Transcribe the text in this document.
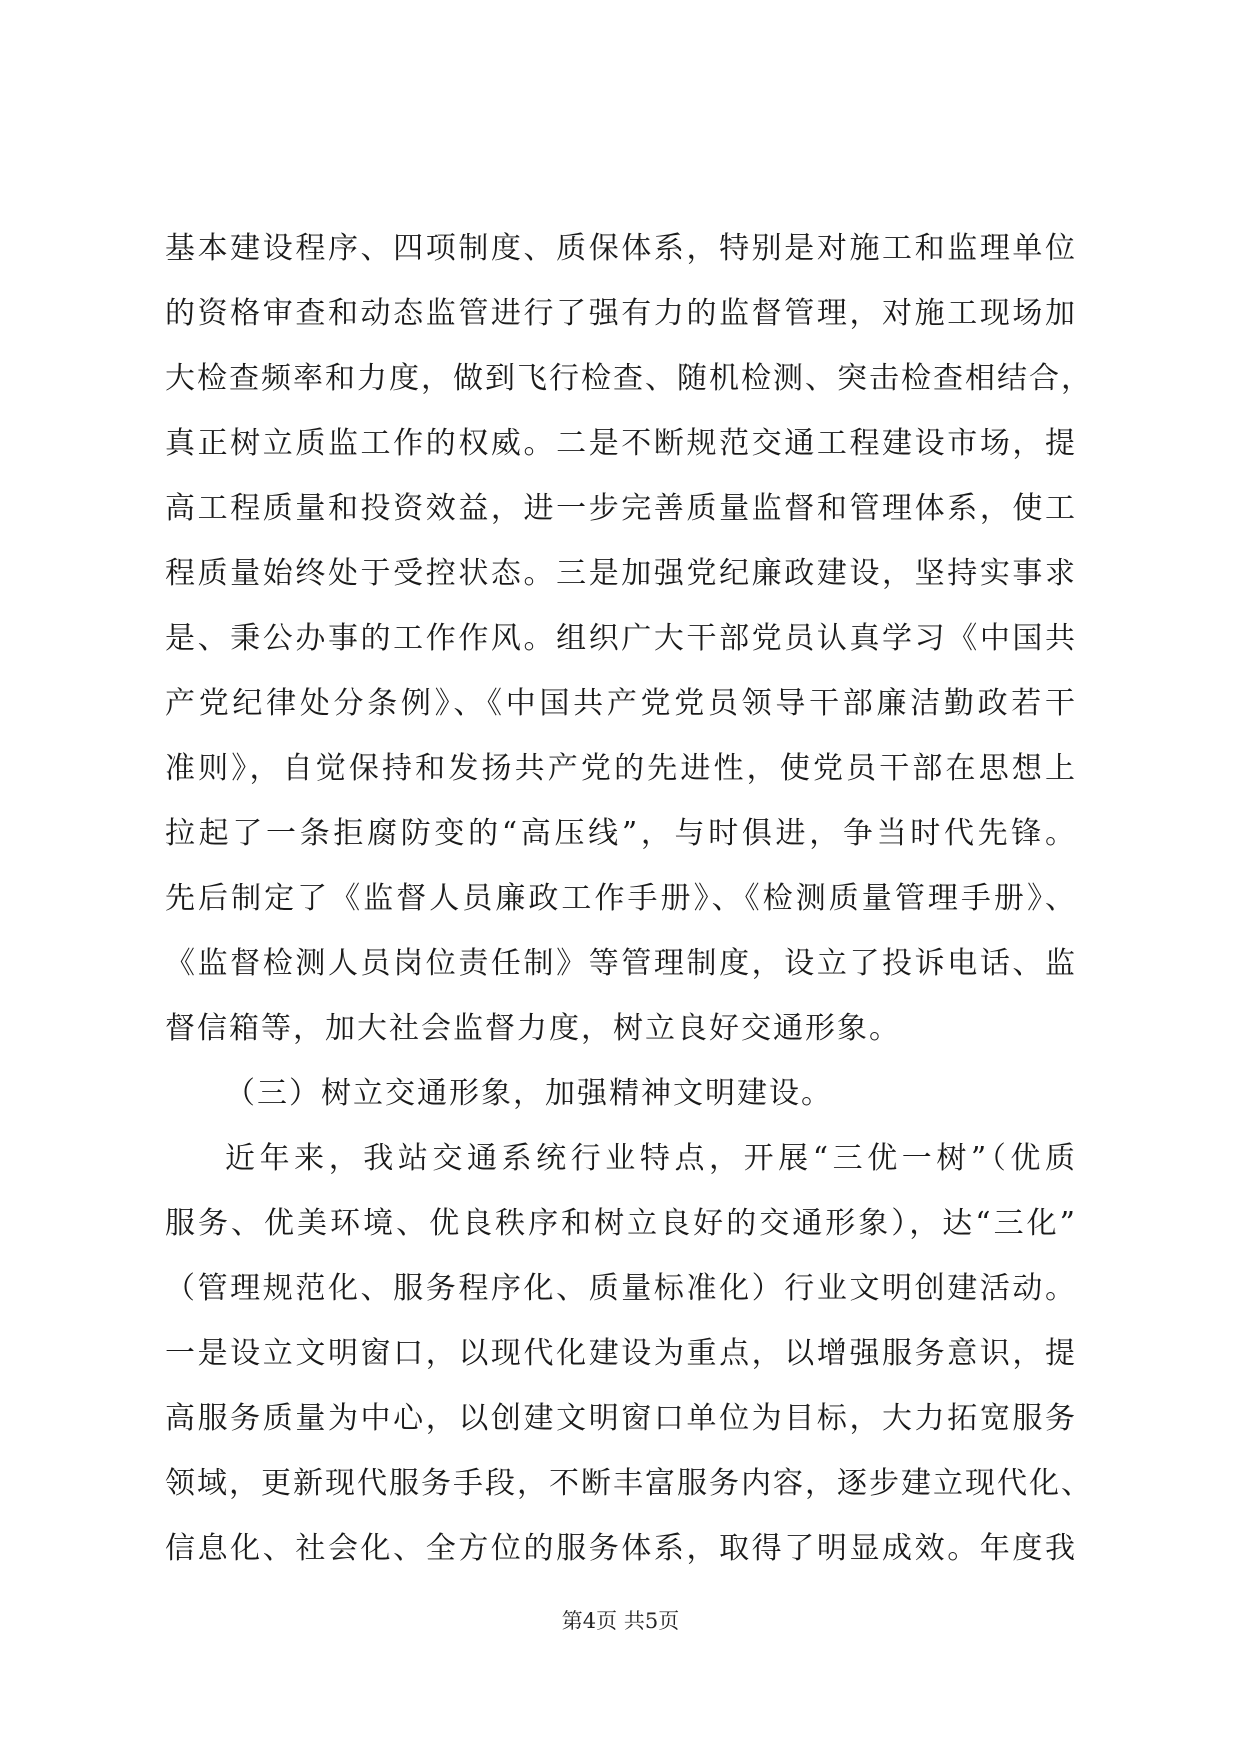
基本建设程序、四项制度、质保体系，特别是对施工和监理单位
的资格审查和动态监管进行了强有力的监督管理，对施工现场加
大检查频率和力度，做到飞行检查、随机检测、突击检查相结合，
真正树立质监工作的权威。二是不断规范交通工程建设市场，提
高工程质量和投资效益，进一步完善质量监督和管理体系，使工
程质量始终处于受控状态。三是加强党纪廉政建设，坚持实事求
是、秉公办事的工作作风。组织广大干部党员认真学习《中国共
产党纪律处分条例》、《中国共产党党员领导干部廉洁勤政若干
准则》，自觉保持和发扬共产党的先进性，使党员干部在思想上
拉起了一条拒腐防变的“高压线”，与时俱进，争当时代先锋。
先后制定了《监督人员廉政工作手册》、《检测质量管理手册》、
《监督检测人员岗位责任制》等管理制度，设立了投诉电话、监
督信箱等，加大社会监督力度，树立良好交通形象。
（三）树立交通形象，加强精神文明建设。
近年来，我站交通系统行业特点，开展“三优一树”（优质
服务、优美环境、优良秩序和树立良好的交通形象），达“三化”
（管理规范化、服务程序化、质量标准化）行业文明创建活动。
一是设立文明窗口，以现代化建设为重点，以增强服务意识，提
高服务质量为中心，以创建文明窗口单位为目标，大力拓宽服务
领域，更新现代服务手段，不断丰富服务内容，逐步建立现代化、
信息化、社会化、全方位的服务体系，取得了明显成效。年度我
第4页 共5页
